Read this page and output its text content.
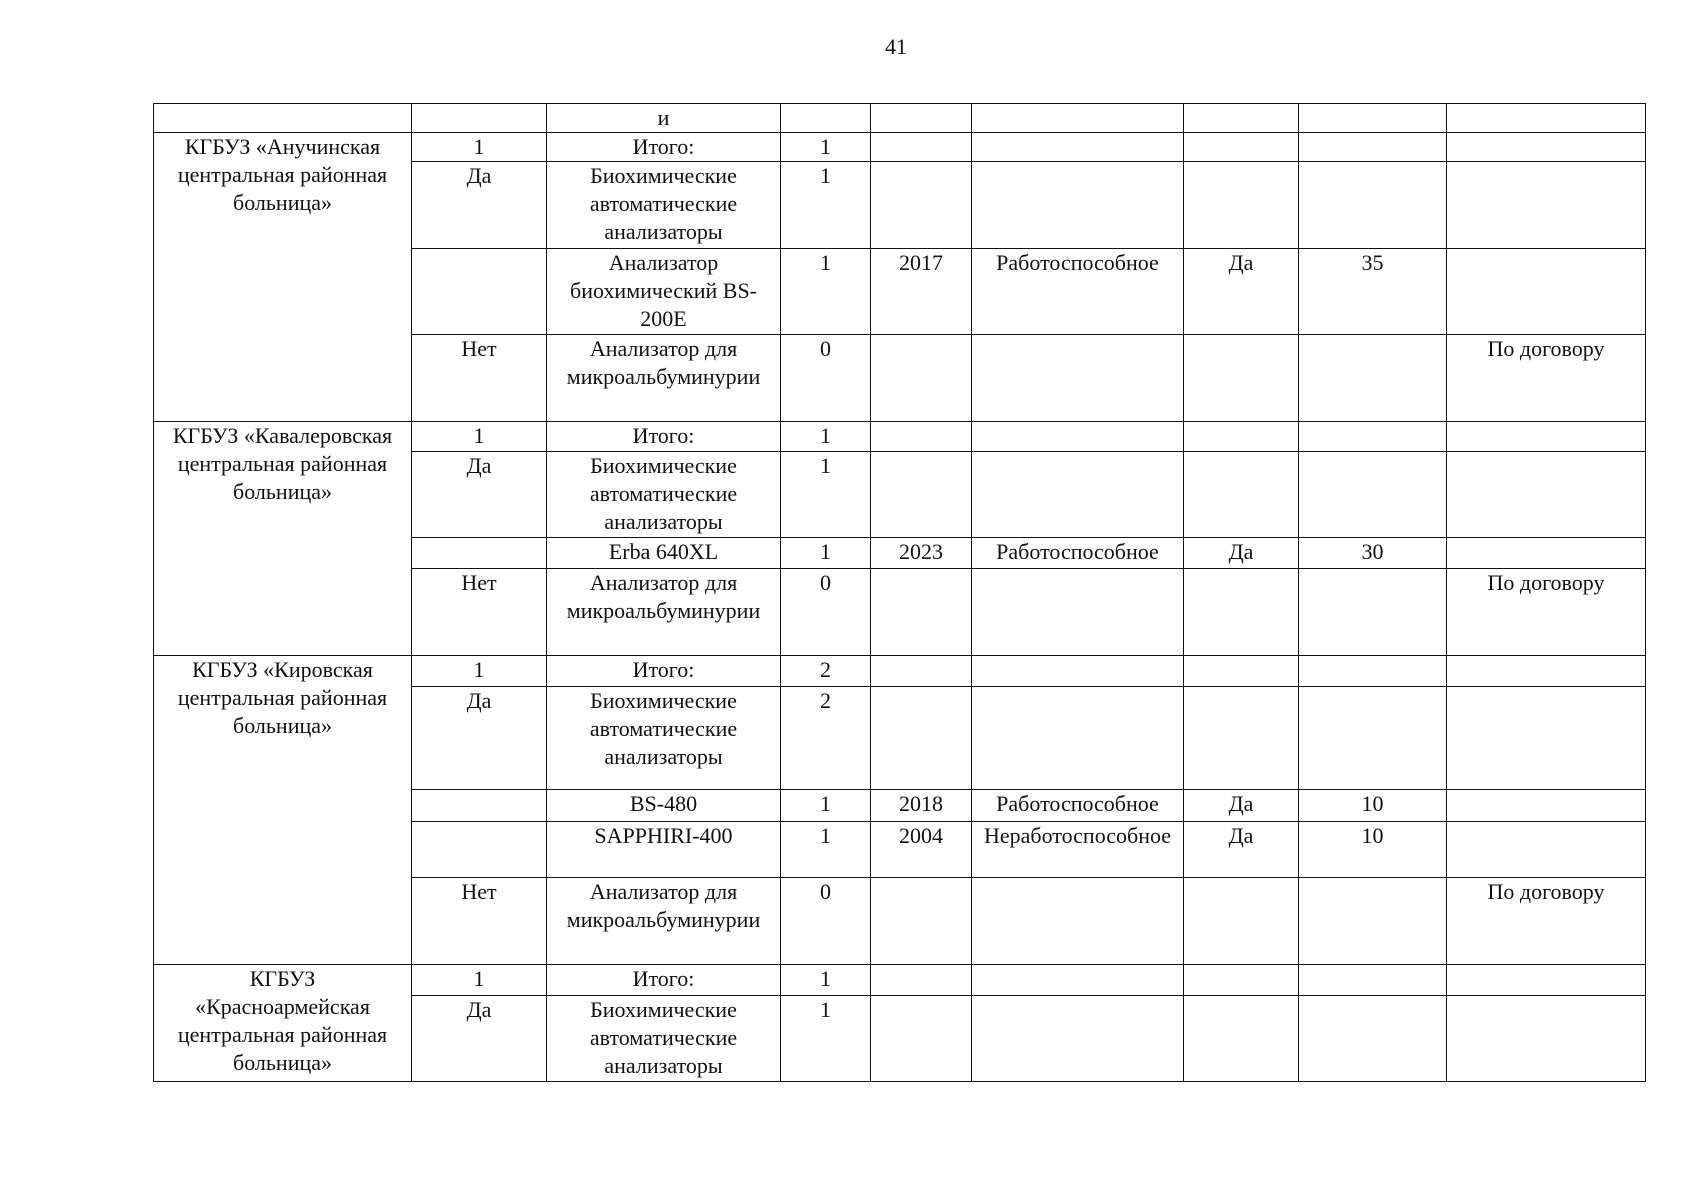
41
		и						
КГБУЗ «Анучинская центральная районная больница»	1	Итого:	1					
	Да	Биохимические автоматические анализаторы	1					
		Анализатор биохимический BS-200E	1	2017	Работоспособное	Да	35	
	Нет	Анализатор для микроальбуминурии	0					По договору
КГБУЗ «Кавалеровская центральная районная больница»	1	Итого:	1					
	Да	Биохимические автоматические анализаторы	1					
		Erba 640XL	1	2023	Работоспособное	Да	30	
	Нет	Анализатор для микроальбуминурии	0					По договору
КГБУЗ «Кировская центральная районная больница»	1	Итого:	2					
	Да	Биохимические автоматические анализаторы	2					
		BS-480	1	2018	Работоспособное	Да	10	
		SAPPHIRI-400	1	2004	Неработоспособное	Да	10	
	Нет	Анализатор для микроальбуминурии	0					По договору
КГБУЗ «Красноармейская центральная районная больница»	1	Итого:	1					
	Да	Биохимические автоматические анализаторы	1					
